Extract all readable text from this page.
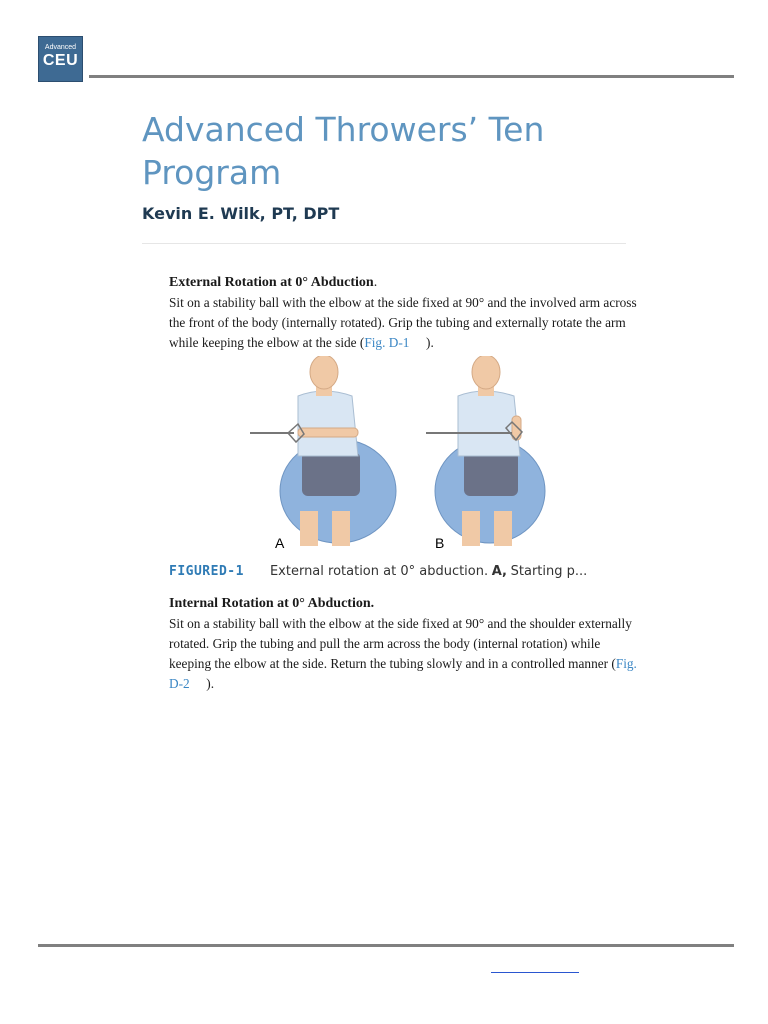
Advanced
CEU
Advanced Throwers’ Ten Program
Kevin E. Wilk, PT, DPT
External Rotation at 0° Abduction.

Sit on a stability ball with the elbow at the side fixed at 90° and the involved arm across the front of the body (internally rotated). Grip the tubing and externally rotate the arm while keeping the elbow at the side (Fig. D-1     ).

A	B
FIGURED-1 External rotation at 0° abduction. A, Starting p...
Internal Rotation at 0° Abduction.

Sit on a stability ball with the elbow at the side fixed at 90° and the shoulder externally rotated. Grip the tubing and pull the arm across the body (internal rotation) while keeping the elbow at the side. Return the tubing slowly and in a controlled manner (Fig. D-2     ).
